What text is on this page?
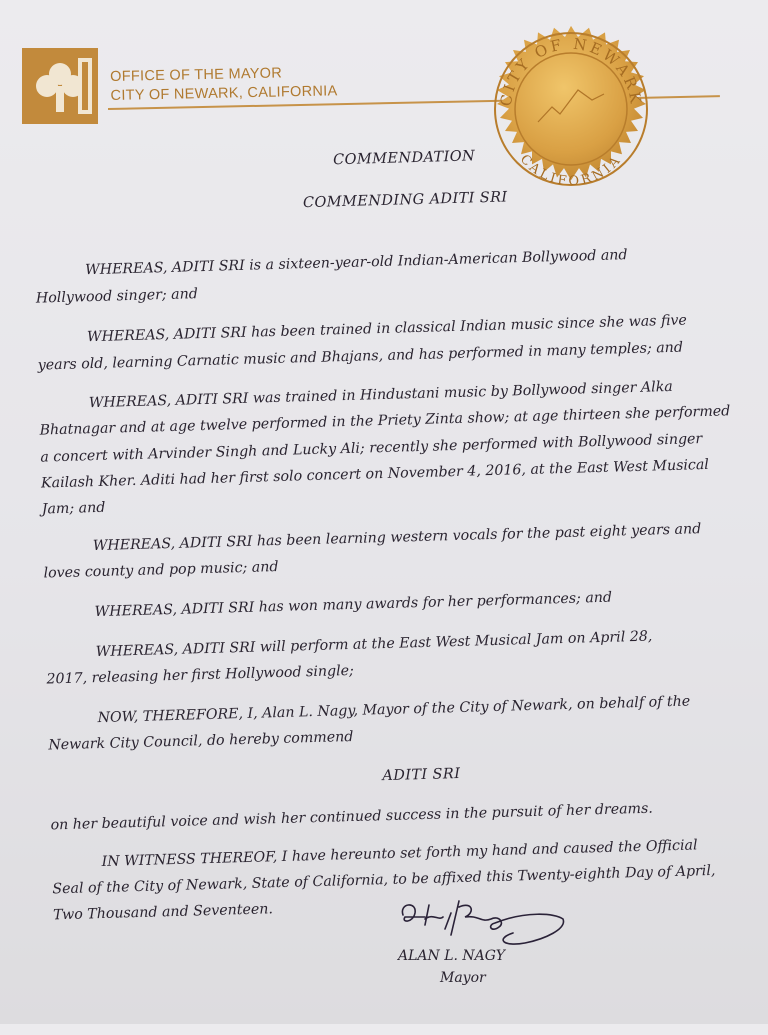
OFFICE OF THE MAYOR
CITY OF NEWARK, CALIFORNIA	CITY OF NEWARK
CALIFORNIA
COMMENDATION
COMMENDING ADITI SRI
WHEREAS, ADITI SRI is a sixteen-year-old Indian-American Bollywood and
Hollywood singer; and
WHEREAS, ADITI SRI has been trained in classical Indian music since she was five
years old, learning Carnatic music and Bhajans, and has performed in many temples; and
WHEREAS, ADITI SRI was trained in Hindustani music by Bollywood singer Alka
Bhatnagar and at age twelve performed in the Priety Zinta show; at age thirteen she performed
a concert with Arvinder Singh and Lucky Ali; recently she performed with Bollywood singer
Kailash Kher. Aditi had her first solo concert on November 4, 2016, at the East West Musical
Jam; and
WHEREAS, ADITI SRI has been learning western vocals for the past eight years and
loves county and pop music; and
WHEREAS, ADITI SRI has won many awards for her performances; and
WHEREAS, ADITI SRI will perform at the East West Musical Jam on April 28,
2017, releasing her first Hollywood single;
NOW, THEREFORE, I, Alan L. Nagy, Mayor of the City of Newark, on behalf of the
Newark City Council, do hereby commend
ADITI SRI
on her beautiful voice and wish her continued success in the pursuit of her dreams.
IN WITNESS THEREOF, I have hereunto set forth my hand and caused the Official
Seal of the City of Newark, State of California, to be affixed this Twenty-eighth Day of April,
Two Thousand and Seventeen.
ALAN L. NAGY
Mayor
